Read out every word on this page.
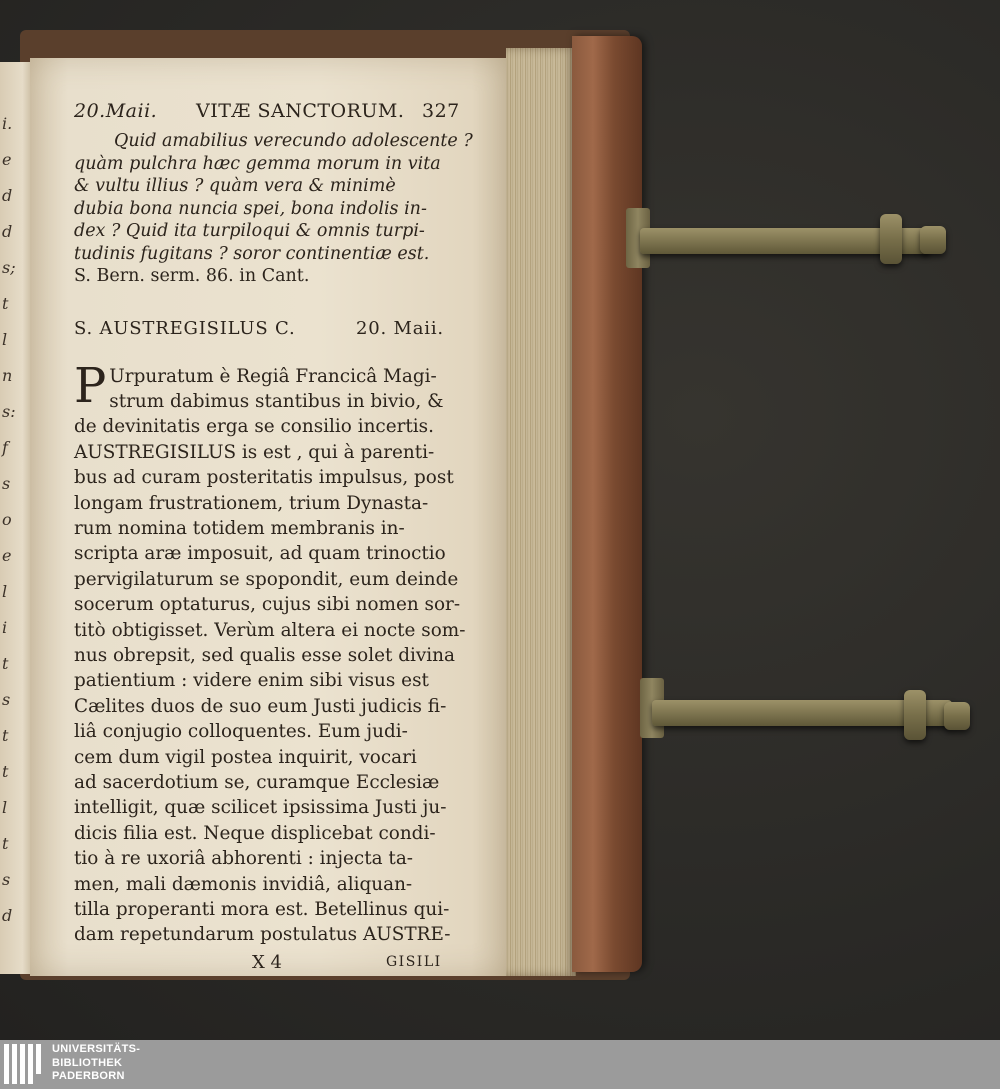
i.
e
d
d
s;
t
l
n
s:
f
s
o
e
l
i
t
s
t
t
l
t
s
d
20.Maii. VITÆ SANCTORUM. 327
Quid amabilius verecundo adolescente ?
quàm pulchra hæc gemma morum in vita
& vultu illius ? quàm vera & minimè
dubia bona nuncia spei, bona indolis in-
dex ? Quid ita turpiloqui & omnis turpi-
tudinis fugitans ? soror continentiæ est.
S. Bern. serm. 86. in Cant.
S. AUSTREGISILUS C.	20. Maii.
P Urpuratum è Regiâ Francicâ Magi-
strum dabimus stantibus in bivio, &
de devinitatis erga se consilio incertis.
AUSTREGISILUS is est , qui à parenti-
bus ad curam posteritatis impulsus, post
longam frustrationem, trium Dynasta-
rum nomina totidem membranis in-
scripta aræ imposuit, ad quam trinoctio
pervigilaturum se spopondit, eum deinde
socerum optaturus, cujus sibi nomen sor-
titò obtigisset. Verùm altera ei nocte som-
nus obrepsit, sed qualis esse solet divina
patientium : videre enim sibi visus est
Cælites duos de suo eum Justi judicis fi-
liâ conjugio colloquentes. Eum judi-
cem dum vigil postea inquirit, vocari
ad sacerdotium se, curamque Ecclesiæ
intelligit, quæ scilicet ipsissima Justi ju-
dicis filia est. Neque displicebat condi-
tio à re uxoriâ abhorenti : injecta ta-
men, mali dæmonis invidiâ, aliquan-
tilla properanti mora est. Betellinus qui-
dam repetundarum postulatus AUSTRE-
X 4	GISILI
UNIVERSITÄTS-
BIBLIOTHEK
PADERBORN
